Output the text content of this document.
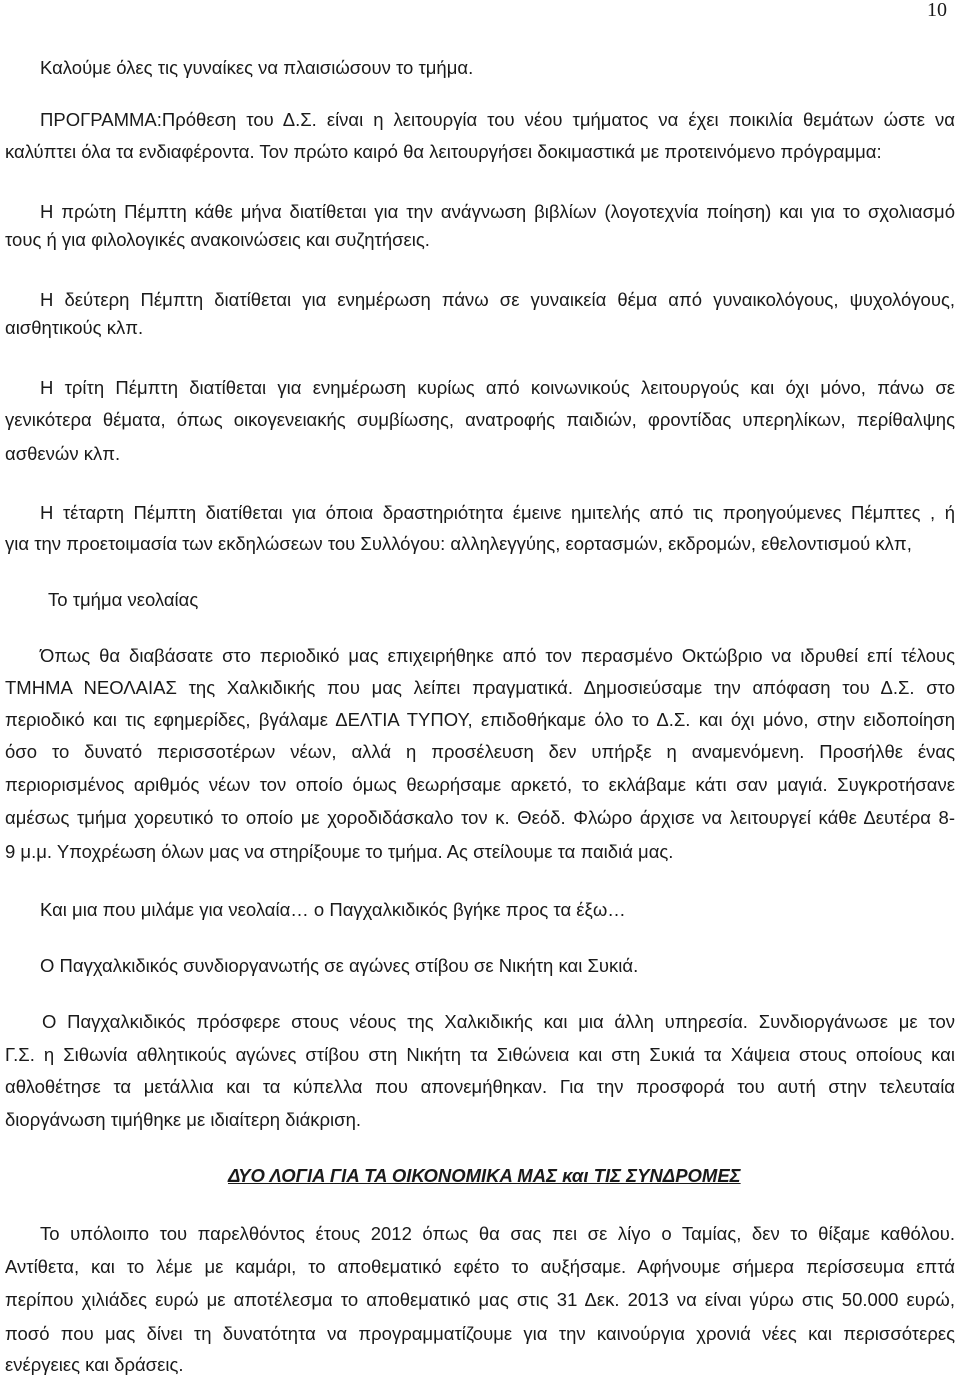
10
Καλούμε όλες τις γυναίκες να πλαισιώσουν το τμήμα.
ΠΡΟΓΡΑΜΜΑ:Πρόθεση του Δ.Σ. είναι η λειτουργία του νέου τμήματος να έχει ποικιλία θεμάτων ώστε να
καλύπτει όλα τα ενδιαφέροντα. Τον πρώτο καιρό θα λειτουργήσει δοκιμαστικά με προτεινόμενο πρόγραμμα:
Η πρώτη Πέμπτη κάθε μήνα διατίθεται για την ανάγνωση βιβλίων (λογοτεχνία ποίηση) και για το σχολιασμό
τους ή για φιλολογικές ανακοινώσεις και συζητήσεις.
Η δεύτερη Πέμπτη διατίθεται για ενημέρωση πάνω σε γυναικεία θέμα από γυναικολόγους, ψυχολόγους,
αισθητικούς κλπ.
Η τρίτη Πέμπτη διατίθεται για ενημέρωση κυρίως από κοινωνικούς λειτουργούς και όχι μόνο, πάνω σε
γενικότερα θέματα, όπως οικογενειακής συμβίωσης, ανατροφής παιδιών, φροντίδας υπερηλίκων, περίθαλψης
ασθενών κλπ.
Η τέταρτη Πέμπτη διατίθεται για όποια δραστηριότητα έμεινε ημιτελής από τις προηγούμενες Πέμπτες , ή
για την προετοιμασία των εκδηλώσεων του Συλλόγου: αλληλεγγύης, εορτασμών, εκδρομών, εθελοντισμού κλπ,
Το τμήμα νεολαίας
Όπως θα διαβάσατε στο περιοδικό μας επιχειρήθηκε από τον περασμένο Οκτώβριο να ιδρυθεί επί τέλους
ΤΜΗΜΑ ΝΕΟΛΑΙΑΣ της Χαλκιδικής που μας λείπει πραγματικά. Δημοσιεύσαμε την απόφαση του Δ.Σ. στο
περιοδικό και τις εφημερίδες, βγάλαμε ΔΕΛΤΙΑ ΤΥΠΟΥ, επιδοθήκαμε όλο το Δ.Σ. και όχι μόνο, στην ειδοποίηση
όσο το δυνατό περισσοτέρων νέων, αλλά η προσέλευση δεν υπήρξε η αναμενόμενη. Προσήλθε ένας
περιορισμένος αριθμός νέων τον οποίο όμως θεωρήσαμε αρκετό, το εκλάβαμε κάτι σαν μαγιά. Συγκροτήσανε
αμέσως τμήμα χορευτικό το οποίο με χοροδιδάσκαλο τον κ. Θεόδ. Φλώρο άρχισε να λειτουργεί κάθε Δευτέρα 8-
9 μ.μ. Υποχρέωση όλων μας να στηρίξουμε το τμήμα. Ας στείλουμε τα παιδιά μας.
Και μια που μιλάμε για νεολαία… ο Παγχαλκιδικός βγήκε προς τα έξω…
Ο Παγχαλκιδικός συνδιοργανωτής σε αγώνες στίβου σε Νικήτη και Συκιά.
Ο Παγχαλκιδικός πρόσφερε στους νέους της Χαλκιδικής και μια άλλη υπηρεσία. Συνδιοργάνωσε με τον
Γ.Σ. η Σιθωνία αθλητικούς αγώνες στίβου στη Νικήτη τα Σιθώνεια και στη Συκιά τα Χάψεια στους οποίους και
αθλοθέτησε τα μετάλλια και τα κύπελλα που απονεμήθηκαν. Για την προσφορά του αυτή στην τελευταία
διοργάνωση τιμήθηκε με ιδιαίτερη διάκριση.
ΔΥΟ ΛΟΓΙΑ ΓΙΑ ΤΑ ΟΙΚΟΝΟΜΙΚΑ ΜΑΣ και ΤΙΣ ΣΥΝΔΡΟΜΕΣ
Το υπόλοιπο του παρελθόντος έτους 2012 όπως θα σας πει σε λίγο ο Ταμίας, δεν το θίξαμε καθόλου.
Αντίθετα, και το λέμε με καμάρι, το αποθεματικό εφέτο το αυξήσαμε. Αφήνουμε σήμερα περίσσευμα επτά
περίπου χιλιάδες ευρώ με αποτέλεσμα το αποθεματικό μας στις 31 Δεκ. 2013 να είναι γύρω στις 50.000 ευρώ,
ποσό που μας δίνει τη δυνατότητα να προγραμματίζουμε για την καινούργια χρονιά νέες και περισσότερες
ενέργειες και δράσεις.
